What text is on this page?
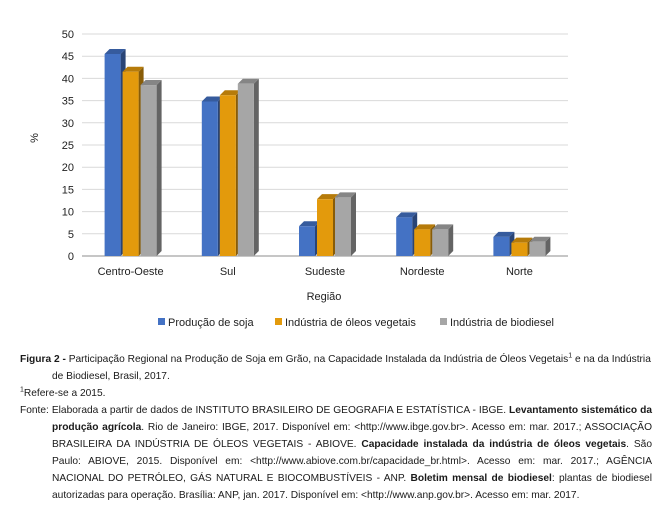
0
5
10
15
20
25
30
35
40
45
50
Centro-Oeste	Sul	Sudeste	Nordeste	Norte
%
Região
Produção de soja	Indústria de óleos vegetais	Indústria de biodiesel
Figura 2 - Participação Regional na Produção de Soja em Grão, na Capacidade Instalada da Indústria de Óleos Vegetais$^1$ e na da Indústria de Biodiesel, Brasil, 2017.
$^1$Refere-se a 2015.
Fonte: Elaborada a partir de dados de INSTITUTO BRASILEIRO DE GEOGRAFIA E ESTATÍSTICA - IBGE. Levantamento sistemático da produção agrícola. Rio de Janeiro: IBGE, 2017. Disponível em: <http://www.ibge.gov.br>. Acesso em: mar. 2017.; ASSOCIAÇÃO BRASILEIRA DA INDÚSTRIA DE ÓLEOS VEGETAIS - ABIOVE. Capacidade instalada da indústria de óleos vegetais. São Paulo: ABIOVE, 2015. Disponível em: <http://www.abiove.com.br/capacidade_br.html>. Acesso em: mar. 2017.; AGÊNCIA NACIONAL DO PETRÓLEO, GÁS NATURAL E BIOCOMBUSTÍVEIS - ANP. Boletim mensal de biodiesel: plantas de biodiesel autorizadas para operação. Brasília: ANP, jan. 2017. Disponível em: <http://www.anp.gov.br>. Acesso em: mar. 2017.
